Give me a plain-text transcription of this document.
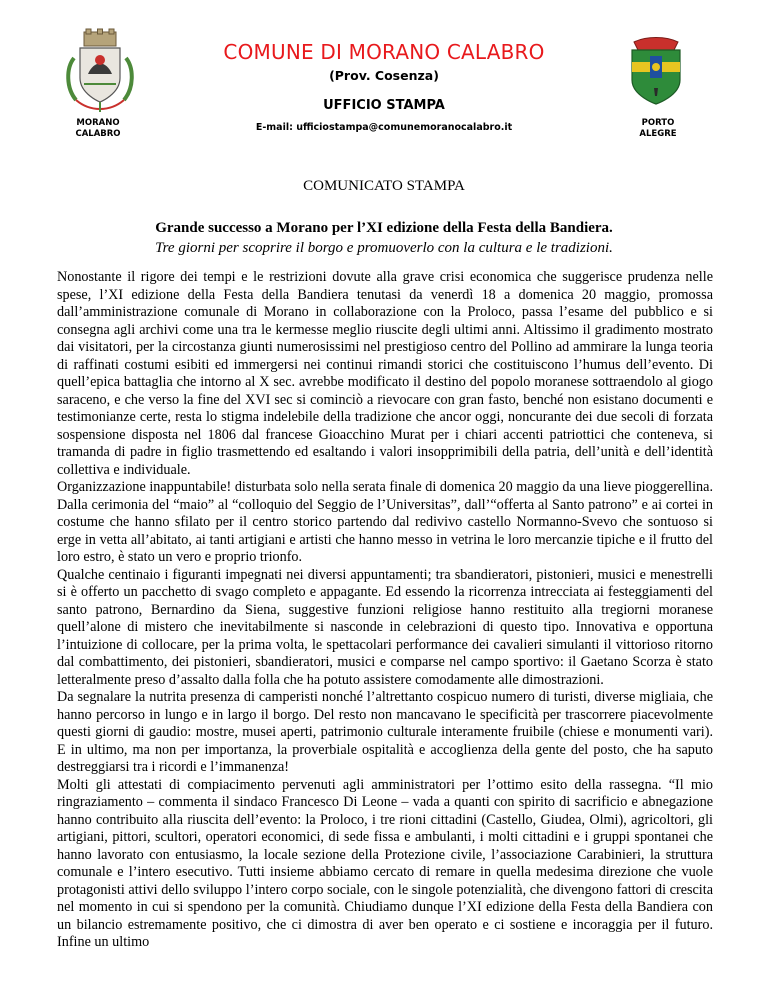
MORANO
CALABRO
COMUNE DI MORANO CALABRO
(Prov. Cosenza)
UFFICIO STAMPA
E-mail: ufficiostampa@comunemoranocalabro.it	PORTO
ALEGRE
COMUNICATO STAMPA
Grande successo a Morano per l’XI edizione della Festa della Bandiera.
Tre giorni per scoprire il borgo e promuoverlo con la cultura e le tradizioni.

Nonostante il rigore dei tempi e le restrizioni dovute alla grave crisi economica che suggerisce prudenza nelle spese, l’XI edizione della Festa della Bandiera tenutasi da venerdì 18 a domenica 20 maggio, promossa dall’amministrazione comunale di Morano in collaborazione con la Proloco, passa l’esame del pubblico e si consegna agli archivi come una tra le kermesse meglio riuscite degli ultimi anni. Altissimo il gradimento mostrato dai visitatori, per la circostanza giunti numerosissimi nel prestigioso centro del Pollino ad ammirare la lunga teoria di raffinati costumi esibiti ed immergersi nei continui rimandi storici che costituiscono l’humus dell’evento. Di quell’epica battaglia che intorno al X sec. avrebbe modificato il destino del popolo moranese sottraendolo al giogo saraceno, e che verso la fine del XVI sec si cominciò a rievocare con gran fasto, benché non esistano documenti e testimonianze certe, resta lo stigma indelebile della tradizione che ancor oggi, noncurante dei due secoli di forzata sospensione disposta nel 1806 dal francese Gioacchino Murat per i chiari accenti patriottici che conteneva, si tramanda di padre in figlio trasmettendo ed esaltando i valori insopprimibili della patria, dell’unità e dell’identità collettiva e individuale.

Organizzazione inappuntabile! disturbata solo nella serata finale di domenica 20 maggio da una lieve pioggerellina. Dalla cerimonia del “maio” al “colloquio del Seggio de l’Universitas”, dall’“offerta al Santo patrono” e ai cortei in costume che hanno sfilato per il centro storico partendo dal redivivo castello Normanno-Svevo che sontuoso si erge in vetta all’abitato, ai tanti artigiani e artisti che hanno messo in vetrina le loro mercanzie tipiche e il frutto del loro estro, è stato un vero e proprio trionfo.

Qualche centinaio i figuranti impegnati nei diversi appuntamenti; tra sbandieratori, pistonieri, musici e menestrelli si è offerto un pacchetto di svago completo e appagante. Ed essendo la ricorrenza intrecciata ai festeggiamenti del santo patrono, Bernardino da Siena, suggestive funzioni religiose hanno restituito alla tregiorni moranese quell’alone di mistero che inevitabilmente si nasconde in celebrazioni di questo tipo. Innovativa e opportuna l’intuizione di collocare, per la prima volta, le spettacolari performance dei cavalieri simulanti il vittorioso ritorno dal combattimento, dei pistonieri, sbandieratori, musici e comparse nel campo sportivo: il Gaetano Scorza è stato letteralmente preso d’assalto dalla folla che ha potuto assistere comodamente alle dimostrazioni.

Da segnalare la nutrita presenza di camperisti nonché l’altrettanto cospicuo numero di turisti, diverse migliaia, che hanno percorso in lungo e in largo il borgo. Del resto non mancavano le specificità per trascorrere piacevolmente questi giorni di gaudio: mostre, musei aperti, patrimonio culturale interamente fruibile (chiese e monumenti vari). E in ultimo, ma non per importanza, la proverbiale ospitalità e accoglienza della gente del posto, che ha saputo destreggiarsi tra i ricordi e l’immanenza!

Molti gli attestati di compiacimento pervenuti agli amministratori per l’ottimo esito della rassegna. “Il mio ringraziamento – commenta il sindaco Francesco Di Leone – vada a quanti con spirito di sacrificio e abnegazione hanno contribuito alla riuscita dell’evento: la Proloco, i tre rioni cittadini (Castello, Giudea, Olmi), agricoltori, gli artigiani, pittori, scultori, operatori economici, di sede fissa e ambulanti, i molti cittadini e i gruppi spontanei che hanno lavorato con entusiasmo, la locale sezione della Protezione civile, l’associazione Carabinieri, la struttura comunale e l’intero esecutivo. Tutti insieme abbiamo cercato di remare in quella medesima direzione che vuole protagonisti attivi dello sviluppo l’intero corpo sociale, con le singole potenzialità, che divengono fattori di crescita nel momento in cui si spendono per la comunità. Chiudiamo dunque l’XI edizione della Festa della Bandiera con un bilancio estremamente positivo, che ci dimostra di aver ben operato e ci sostiene e incoraggia per il futuro. Infine un ultimo
